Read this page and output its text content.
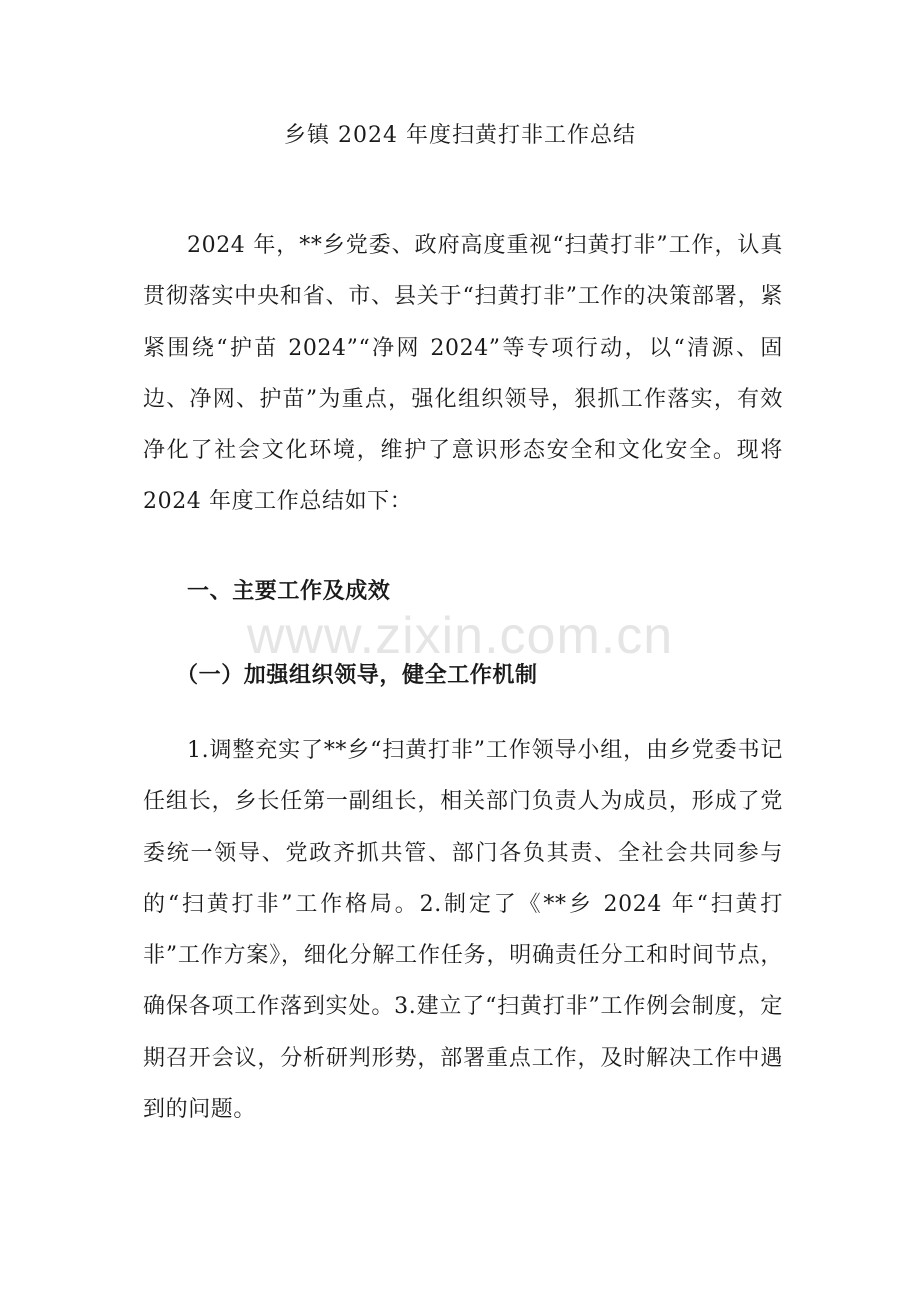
乡镇 2024 年度扫黄打非工作总结

2024 年，**乡党委、政府高度重视“扫黄打非”工作，认真贯彻落实中央和省、市、县关于“扫黄打非”工作的决策部署，紧紧围绕“护苗 2024”“净网 2024”等专项行动，以“清源、固边、净网、护苗”为重点，强化组织领导，狠抓工作落实，有效净化了社会文化环境，维护了意识形态安全和文化安全。现将 2024 年度工作总结如下：

一、主要工作及成效
www.zixin.com.cn
（一）加强组织领导，健全工作机制

1.调整充实了**乡“扫黄打非”工作领导小组，由乡党委书记任组长，乡长任第一副组长，相关部门负责人为成员，形成了党委统一领导、党政齐抓共管、部门各负其责、全社会共同参与的“扫黄打非”工作格局。2.制定了《**乡 2024 年“扫黄打非”工作方案》，细化分解工作任务，明确责任分工和时间节点，确保各项工作落到实处。3.建立了“扫黄打非”工作例会制度，定期召开会议，分析研判形势，部署重点工作，及时解决工作中遇到的问题。
